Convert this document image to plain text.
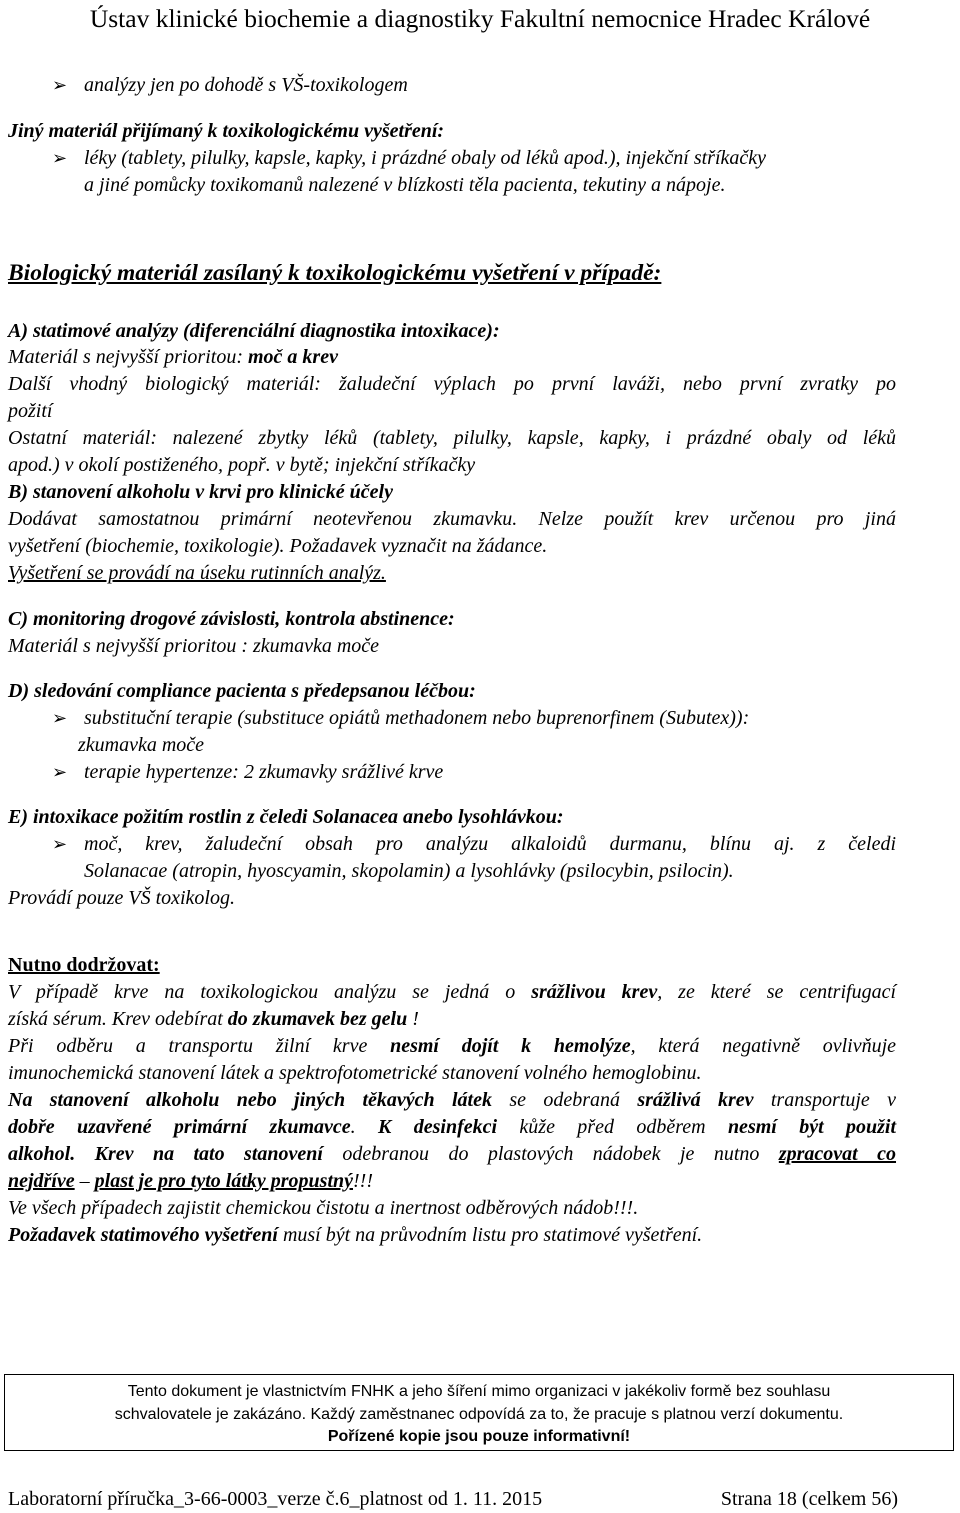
Ústav klinické biochemie a diagnostiky Fakultní nemocnice Hradec Králové
➢ analýzy jen po dohodě s VŠ-toxikologem
Jiný materiál přijímaný k toxikologickému vyšetření:
➢ léky (tablety, pilulky, kapsle, kapky, i prázdné obaly od léků apod.), injekční stříkačky
a jiné pomůcky toxikomanů nalezené v blízkosti těla pacienta, tekutiny a nápoje.
Biologický materiál zasílaný k toxikologickému vyšetření v případě:
A) statimové analýzy (diferenciální diagnostika intoxikace):
Materiál s nejvyšší prioritou: moč a krev
Další vhodný biologický materiál: žaludeční výplach po první laváži, nebo první zvratky po
požití
Ostatní materiál: nalezené zbytky léků (tablety, pilulky, kapsle, kapky, i prázdné obaly od léků
apod.) v okolí postiženého, popř. v bytě; injekční stříkačky
B) stanovení alkoholu v krvi pro klinické účely
Dodávat samostatnou primární neotevřenou zkumavku. Nelze použít krev určenou pro jiná
vyšetření (biochemie, toxikologie). Požadavek vyznačit na žádance.
Vyšetření se provádí na úseku rutinních analýz.
C) monitoring drogové závislosti, kontrola abstinence:
Materiál s nejvyšší prioritou : zkumavka moče
D) sledování compliance pacienta s předepsanou léčbou:
➢ substituční terapie (substituce opiátů methadonem nebo buprenorfinem (Subutex)):
zkumavka moče
➢ terapie hypertenze: 2 zkumavky srážlivé krve
E) intoxikace požitím rostlin z čeledi Solanacea anebo lysohlávkou:
➢ moč, krev, žaludeční obsah pro analýzu alkaloidů durmanu, blínu aj. z čeledi
Solanacae (atropin, hyoscyamin, skopolamin) a lysohlávky (psilocybin, psilocin).
Provádí pouze VŠ toxikolog.
Nutno dodržovat:
V případě krve na toxikologickou analýzu se jedná o srážlivou krev, ze které se centrifugací
získá sérum. Krev odebírat do zkumavek bez gelu !
Při odběru a transportu žilní krve nesmí dojít k hemolýze, která negativně ovlivňuje
imunochemická stanovení látek a spektrofotometrické stanovení volného hemoglobinu.
Na stanovení alkoholu nebo jiných těkavých látek se odebraná srážlivá krev transportuje v
dobře uzavřené primární zkumavce. K desinfekci kůže před odběrem nesmí být použit
alkohol. Krev na tato stanovení odebranou do plastových nádobek je nutno zpracovat co
nejdříve – plast je pro tyto látky propustný!!!
Ve všech případech zajistit chemickou čistotu a inertnost odběrových nádob!!!.
Požadavek statimového vyšetření musí být na průvodním listu pro statimové vyšetření.
Tento dokument je vlastnictvím FNHK a jeho šíření mimo organizaci v jakékoliv formě bez souhlasu
schvalovatele je zakázáno. Každý zaměstnanec odpovídá za to, že pracuje s platnou verzí dokumentu.
Pořízené kopie jsou pouze informativní!
Laboratorní příručka_3-66-0003_verze č.6_platnost od 1. 11. 2015	Strana 18 (celkem 56)
